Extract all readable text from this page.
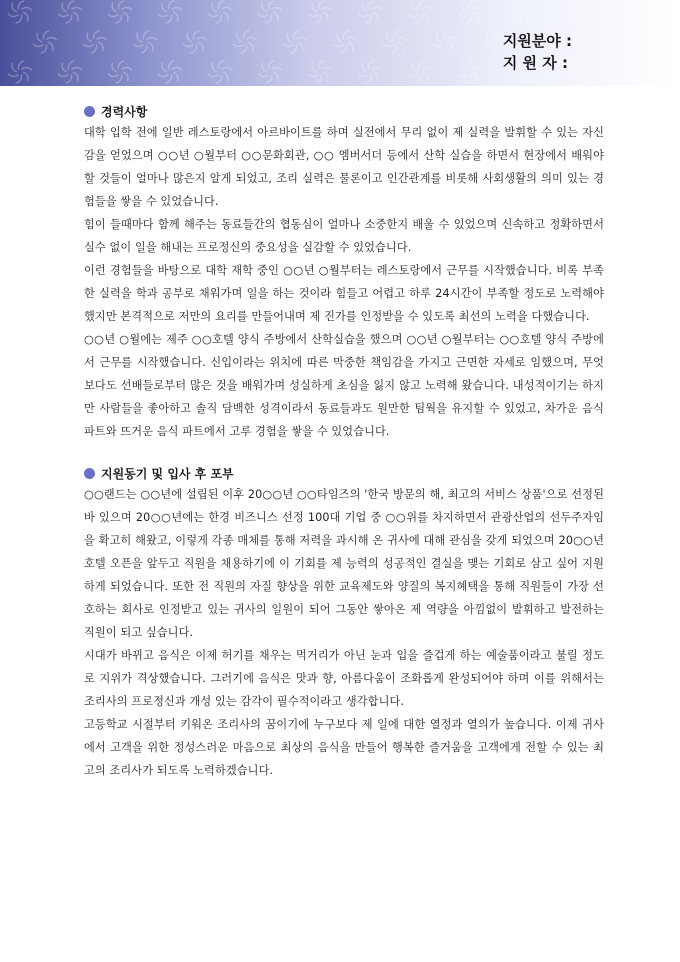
지원분야 :
지 원 자 :
경력사항

대학 입학 전에 일반 레스토랑에서 아르바이트를 하며 실전에서 무리 없이 제 실력을 발휘할 수 있는 자신감을 얻었으며 ○○년 ○월부터 ○○문화회관, ○○ 엠버서더 등에서 산학 실습을 하면서 현장에서 배워야 할 것들이 얼마나 많은지 알게 되었고, 조리 실력은 물론이고 인간관계를 비롯해 사회생활의 의미 있는 경험들을 쌓을 수 있었습니다.

힘이 들때마다 함께 해주는 동료들간의 협동심이 얼마나 소중한지 배울 수 있었으며 신속하고 정확하면서 실수 없이 일을 해내는 프로정신의 중요성을 실감할 수 있었습니다.

이런 경험들을 바탕으로 대학 재학 중인 ○○년 ○월부터는 레스토랑에서 근무를 시작했습니다. 비록 부족한 실력을 학과 공부로 채워가며 일을 하는 것이라 힘들고 어렵고 하루 24시간이 부족할 정도로 노력해야 했지만 본격적으로 저만의 요리를 만들어내며 제 진가를 인정받을 수 있도록 최선의 노력을 다했습니다.

○○년 ○월에는 제주 ○○호텔 양식 주방에서 산학실습을 했으며 ○○년 ○월부터는 ○○호텔 양식 주방에서 근무를 시작했습니다. 신입이라는 위치에 따른 막중한 책임감을 가지고 근면한 자세로 임했으며, 무엇보다도 선배들로부터 많은 것을 배워가며 성실하게 초심을 잃지 않고 노력해 왔습니다. 내성적이기는 하지만 사람들을 좋아하고 솔직 담백한 성격이라서 동료들과도 원만한 팀웍을 유지할 수 있었고, 차가운 음식 파트와 뜨거운 음식 파트에서 고루 경험을 쌓을 수 있었습니다.

지원동기 및 입사 후 포부

○○랜드는 ○○년에 설립된 이후 20○○년 ○○타임즈의 '한국 방문의 해, 최고의 서비스 상품'으로 선정된 바 있으며 20○○년에는 한경 비즈니스 선정 100대 기업 중 ○○위를 차지하면서 관광산업의 선두주자임을 확고히 해왔고, 이렇게 각종 매체를 통해 저력을 과시해 온 귀사에 대해 관심을 갖게 되었으며 20○○년 호텔 오픈을 앞두고 직원을 채용하기에 이 기회를 제 능력의 성공적인 결실을 맺는 기회로 삼고 싶어 지원하게 되었습니다. 또한 전 직원의 자질 향상을 위한 교육제도와 양질의 복지혜택을 통해 직원들이 가장 선호하는 회사로 인정받고 있는 귀사의 일원이 되어 그동안 쌓아온 제 역량을 아낌없이 발휘하고 발전하는 직원이 되고 싶습니다.

시대가 바뀌고 음식은 이제 허기를 채우는 먹거리가 아닌 눈과 입을 즐겁게 하는 예술품이라고 불릴 정도로 지위가 격상했습니다. 그러기에 음식은 맛과 향, 아름다움이 조화롭게 완성되어야 하며 이를 위해서는 조리사의 프로정신과 개성 있는 감각이 필수적이라고 생각합니다.

고등학교 시절부터 키워온 조리사의 꿈이기에 누구보다 제 일에 대한 열정과 열의가 높습니다. 이제 귀사에서 고객을 위한 정성스러운 마음으로 최상의 음식을 만들어 행복한 즐거움을 고객에게 전할 수 있는 최고의 조리사가 되도록 노력하겠습니다.
